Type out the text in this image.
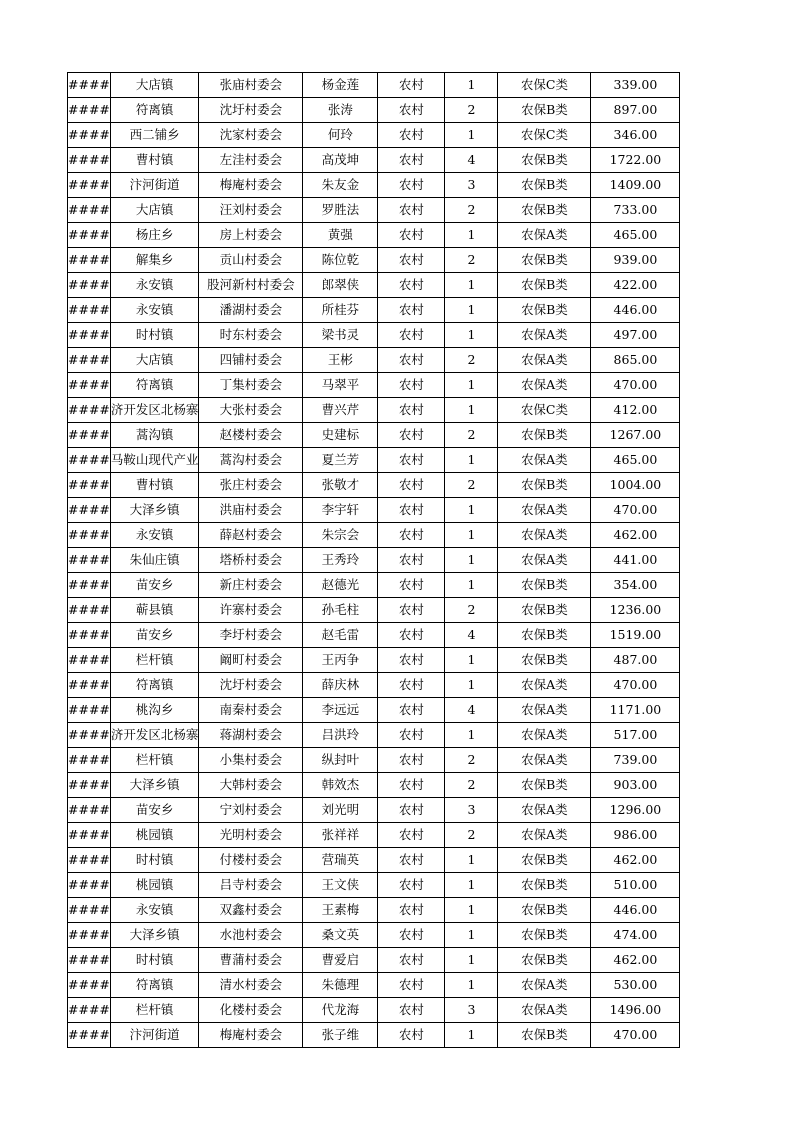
####	大店镇	张庙村委会	杨金莲	农村	1	农保C类	339.00
####	符离镇	沈圩村委会	张涛	农村	2	农保B类	897.00
####	西二铺乡	沈家村委会	何玲	农村	1	农保C类	346.00
####	曹村镇	左洼村委会	高茂坤	农村	4	农保B类	1722.00
####	汴河街道	梅庵村委会	朱友金	农村	3	农保B类	1409.00
####	大店镇	汪刘村委会	罗胜法	农村	2	农保B类	733.00
####	杨庄乡	房上村委会	黄强	农村	1	农保A类	465.00
####	解集乡	贡山村委会	陈位乾	农村	2	农保B类	939.00
####	永安镇	股河新村村委会	郎翠侠	农村	1	农保B类	422.00
####	永安镇	潘湖村委会	所桂芬	农村	1	农保B类	446.00
####	时村镇	时东村委会	梁书灵	农村	1	农保A类	497.00
####	大店镇	四铺村委会	王彬	农村	2	农保A类	865.00
####	符离镇	丁集村委会	马翠平	农村	1	农保A类	470.00
####	济开发区北杨寨	大张村委会	曹兴芹	农村	1	农保C类	412.00
####	蒿沟镇	赵楼村委会	史建标	农村	2	农保B类	1267.00
####	马鞍山现代产业	蒿沟村委会	夏兰芳	农村	1	农保A类	465.00
####	曹村镇	张庄村委会	张敬才	农村	2	农保B类	1004.00
####	大泽乡镇	洪庙村委会	李宇轩	农村	1	农保A类	470.00
####	永安镇	薛赵村委会	朱宗会	农村	1	农保A类	462.00
####	朱仙庄镇	塔桥村委会	王秀玲	农村	1	农保A类	441.00
####	苗安乡	新庄村委会	赵德光	农村	1	农保B类	354.00
####	蕲县镇	许寨村委会	孙毛柱	农村	2	农保B类	1236.00
####	苗安乡	李圩村委会	赵毛雷	农村	4	农保B类	1519.00
####	栏杆镇	阚町村委会	王丙争	农村	1	农保B类	487.00
####	符离镇	沈圩村委会	薛庆林	农村	1	农保A类	470.00
####	桃沟乡	南秦村委会	李远远	农村	4	农保A类	1171.00
####	济开发区北杨寨	蒋湖村委会	吕洪玲	农村	1	农保A类	517.00
####	栏杆镇	小集村委会	纵封叶	农村	2	农保A类	739.00
####	大泽乡镇	大韩村委会	韩效杰	农村	2	农保B类	903.00
####	苗安乡	宁刘村委会	刘光明	农村	3	农保A类	1296.00
####	桃园镇	光明村委会	张祥祥	农村	2	农保A类	986.00
####	时村镇	付楼村委会	营瑞英	农村	1	农保B类	462.00
####	桃园镇	吕寺村委会	王文侠	农村	1	农保B类	510.00
####	永安镇	双鑫村委会	王素梅	农村	1	农保B类	446.00
####	大泽乡镇	水池村委会	桑文英	农村	1	农保B类	474.00
####	时村镇	曹蒲村委会	曹爱启	农村	1	农保B类	462.00
####	符离镇	清水村委会	朱德理	农村	1	农保A类	530.00
####	栏杆镇	化楼村委会	代龙海	农村	3	农保A类	1496.00
####	汴河街道	梅庵村委会	张子维	农村	1	农保B类	470.00
